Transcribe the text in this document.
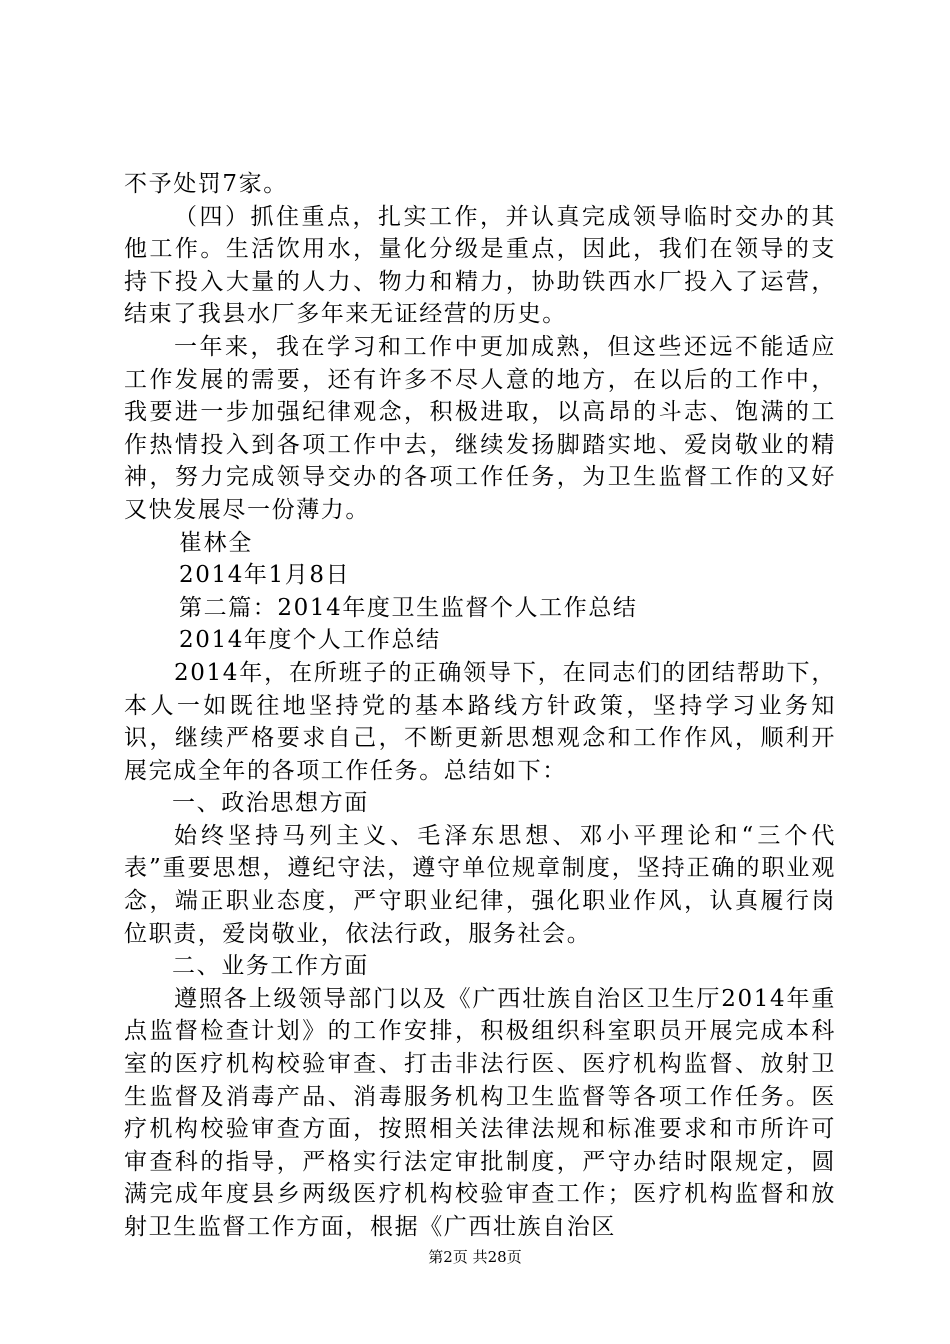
不予处罚7家。

（四）抓住重点，扎实工作，并认真完成领导临时交办的其他工作。生活饮用水，量化分级是重点，因此，我们在领导的支持下投入大量的人力、物力和精力，协助铁西水厂投入了运营，结束了我县水厂多年来无证经营的历史。

一年来，我在学习和工作中更加成熟，但这些还远不能适应工作发展的需要，还有许多不尽人意的地方，在以后的工作中，我要进一步加强纪律观念，积极进取，以高昂的斗志、饱满的工作热情投入到各项工作中去，继续发扬脚踏实地、爱岗敬业的精神，努力完成领导交办的各项工作任务，为卫生监督工作的又好又快发展尽一份薄力。

崔林全

2014年1月8日

第二篇：2014年度卫生监督个人工作总结

2014年度个人工作总结

2014年，在所班子的正确领导下，在同志们的团结帮助下，本人一如既往地坚持党的基本路线方针政策，坚持学习业务知识，继续严格要求自己，不断更新思想观念和工作作风，顺利开展完成全年的各项工作任务。总结如下：

一、政治思想方面

始终坚持马列主义、毛泽东思想、邓小平理论和“三个代表”重要思想，遵纪守法，遵守单位规章制度，坚持正确的职业观念，端正职业态度，严守职业纪律，强化职业作风，认真履行岗位职责，爱岗敬业，依法行政，服务社会。

二、业务工作方面

遵照各上级领导部门以及《广西壮族自治区卫生厅2014年重点监督检查计划》的工作安排，积极组织科室职员开展完成本科室的医疗机构校验审查、打击非法行医、医疗机构监督、放射卫生监督及消毒产品、消毒服务机构卫生监督等各项工作任务。医疗机构校验审查方面，按照相关法律法规和标准要求和市所许可审查科的指导，严格实行法定审批制度，严守办结时限规定，圆满完成年度县乡两级医疗机构校验审查工作；医疗机构监督和放射卫生监督工作方面，根据《广西壮族自治区

第2页 共28页
